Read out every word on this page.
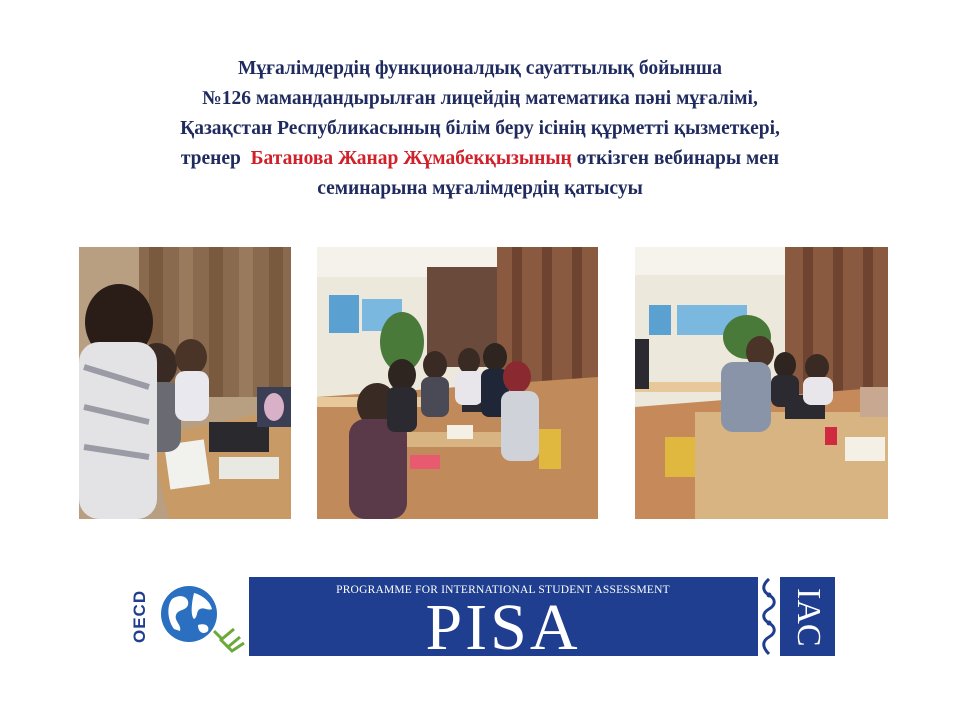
Мұғалімдердің функционалдық сауаттылық бойынша
№126 мамандандырылған лицейдің математика пәні мұғалімі,
Қазақстан Республикасының білім беру ісінің құрметті қызметкері,
тренер  Батанова Жанар Жұмабекқызының өткізген вебинары мен
семинарына мұғалімдердің қатысуы
OECD	PROGRAMME FOR INTERNATIONAL STUDENT ASSESSMENT
PISA	IAC
